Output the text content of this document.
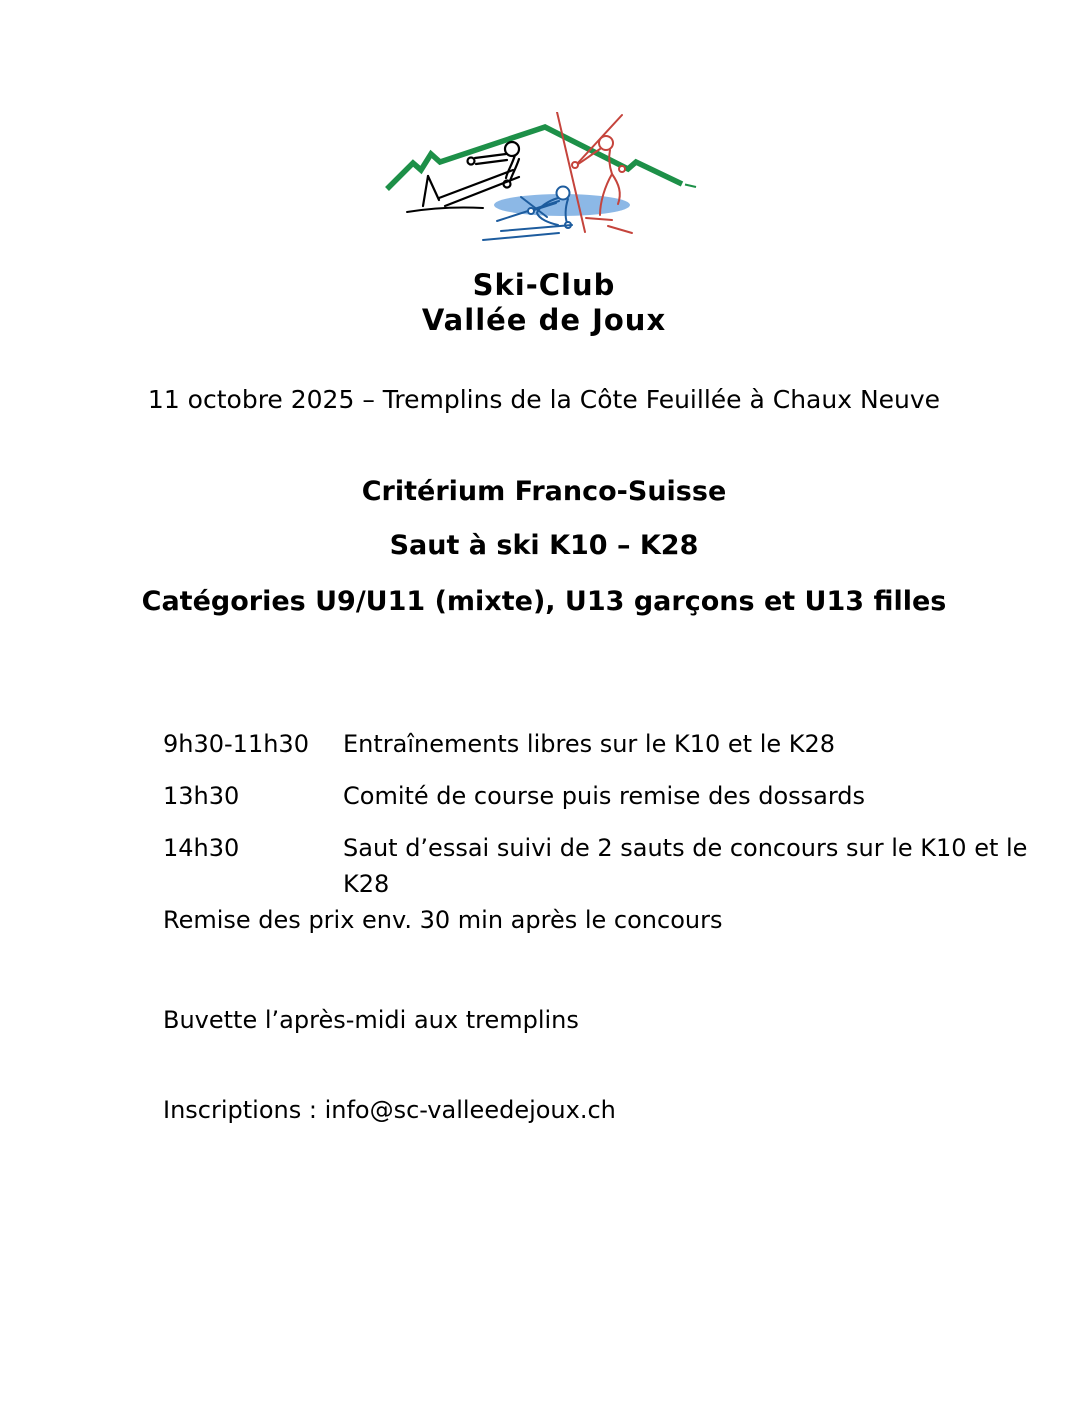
Ski-Club
Vallée de Joux
11 octobre 2025 – Tremplins de la Côte Feuillée à Chaux Neuve
Critérium Franco-Suisse
Saut à ski K10 – K28
Catégories U9/U11 (mixte), U13 garçons et U13 filles
9h30-11h30	Entraînements libres sur le K10 et le K28
13h30	Comité de course puis remise des dossards
14h30	Saut d’essai suivi de 2 sauts de concours sur le K10 et le K28
Remise des prix env. 30 min après le concours
Buvette l’après-midi aux tremplins
Inscriptions : info@sc-valleedejoux.ch
